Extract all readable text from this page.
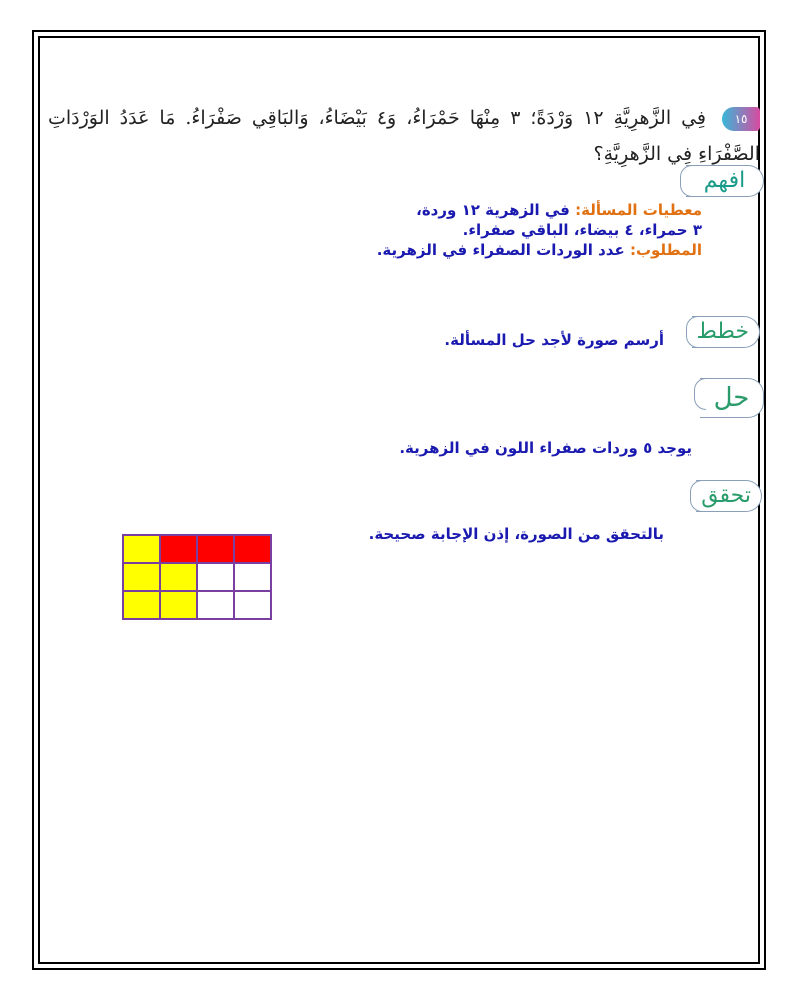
١٥ فِي الزَّهرِيَّةِ ١٢ وَرْدَةً؛ ٣ مِنْهَا حَمْرَاءُ، وَ٤ بَيْضَاءُ، وَالبَاقِي صَفْرَاءُ. مَا عَدَدُ الوَرْدَاتِ الصَّفْرَاءِ فِي الزَّهرِيَّةِ؟
افهم
معطيات المسألة: في الزهرية ١٢ وردة،
٣ حمراء، ٤ بيضاء، الباقي صفراء.
المطلوب: عدد الوردات الصفراء في الزهرية.
خطط
أرسم صورة لأجد حل المسألة.
حل
يوجد ٥ وردات صفراء اللون في الزهرية.
تحقق
بالتحقق من الصورة، إذن الإجابة صحيحة.
